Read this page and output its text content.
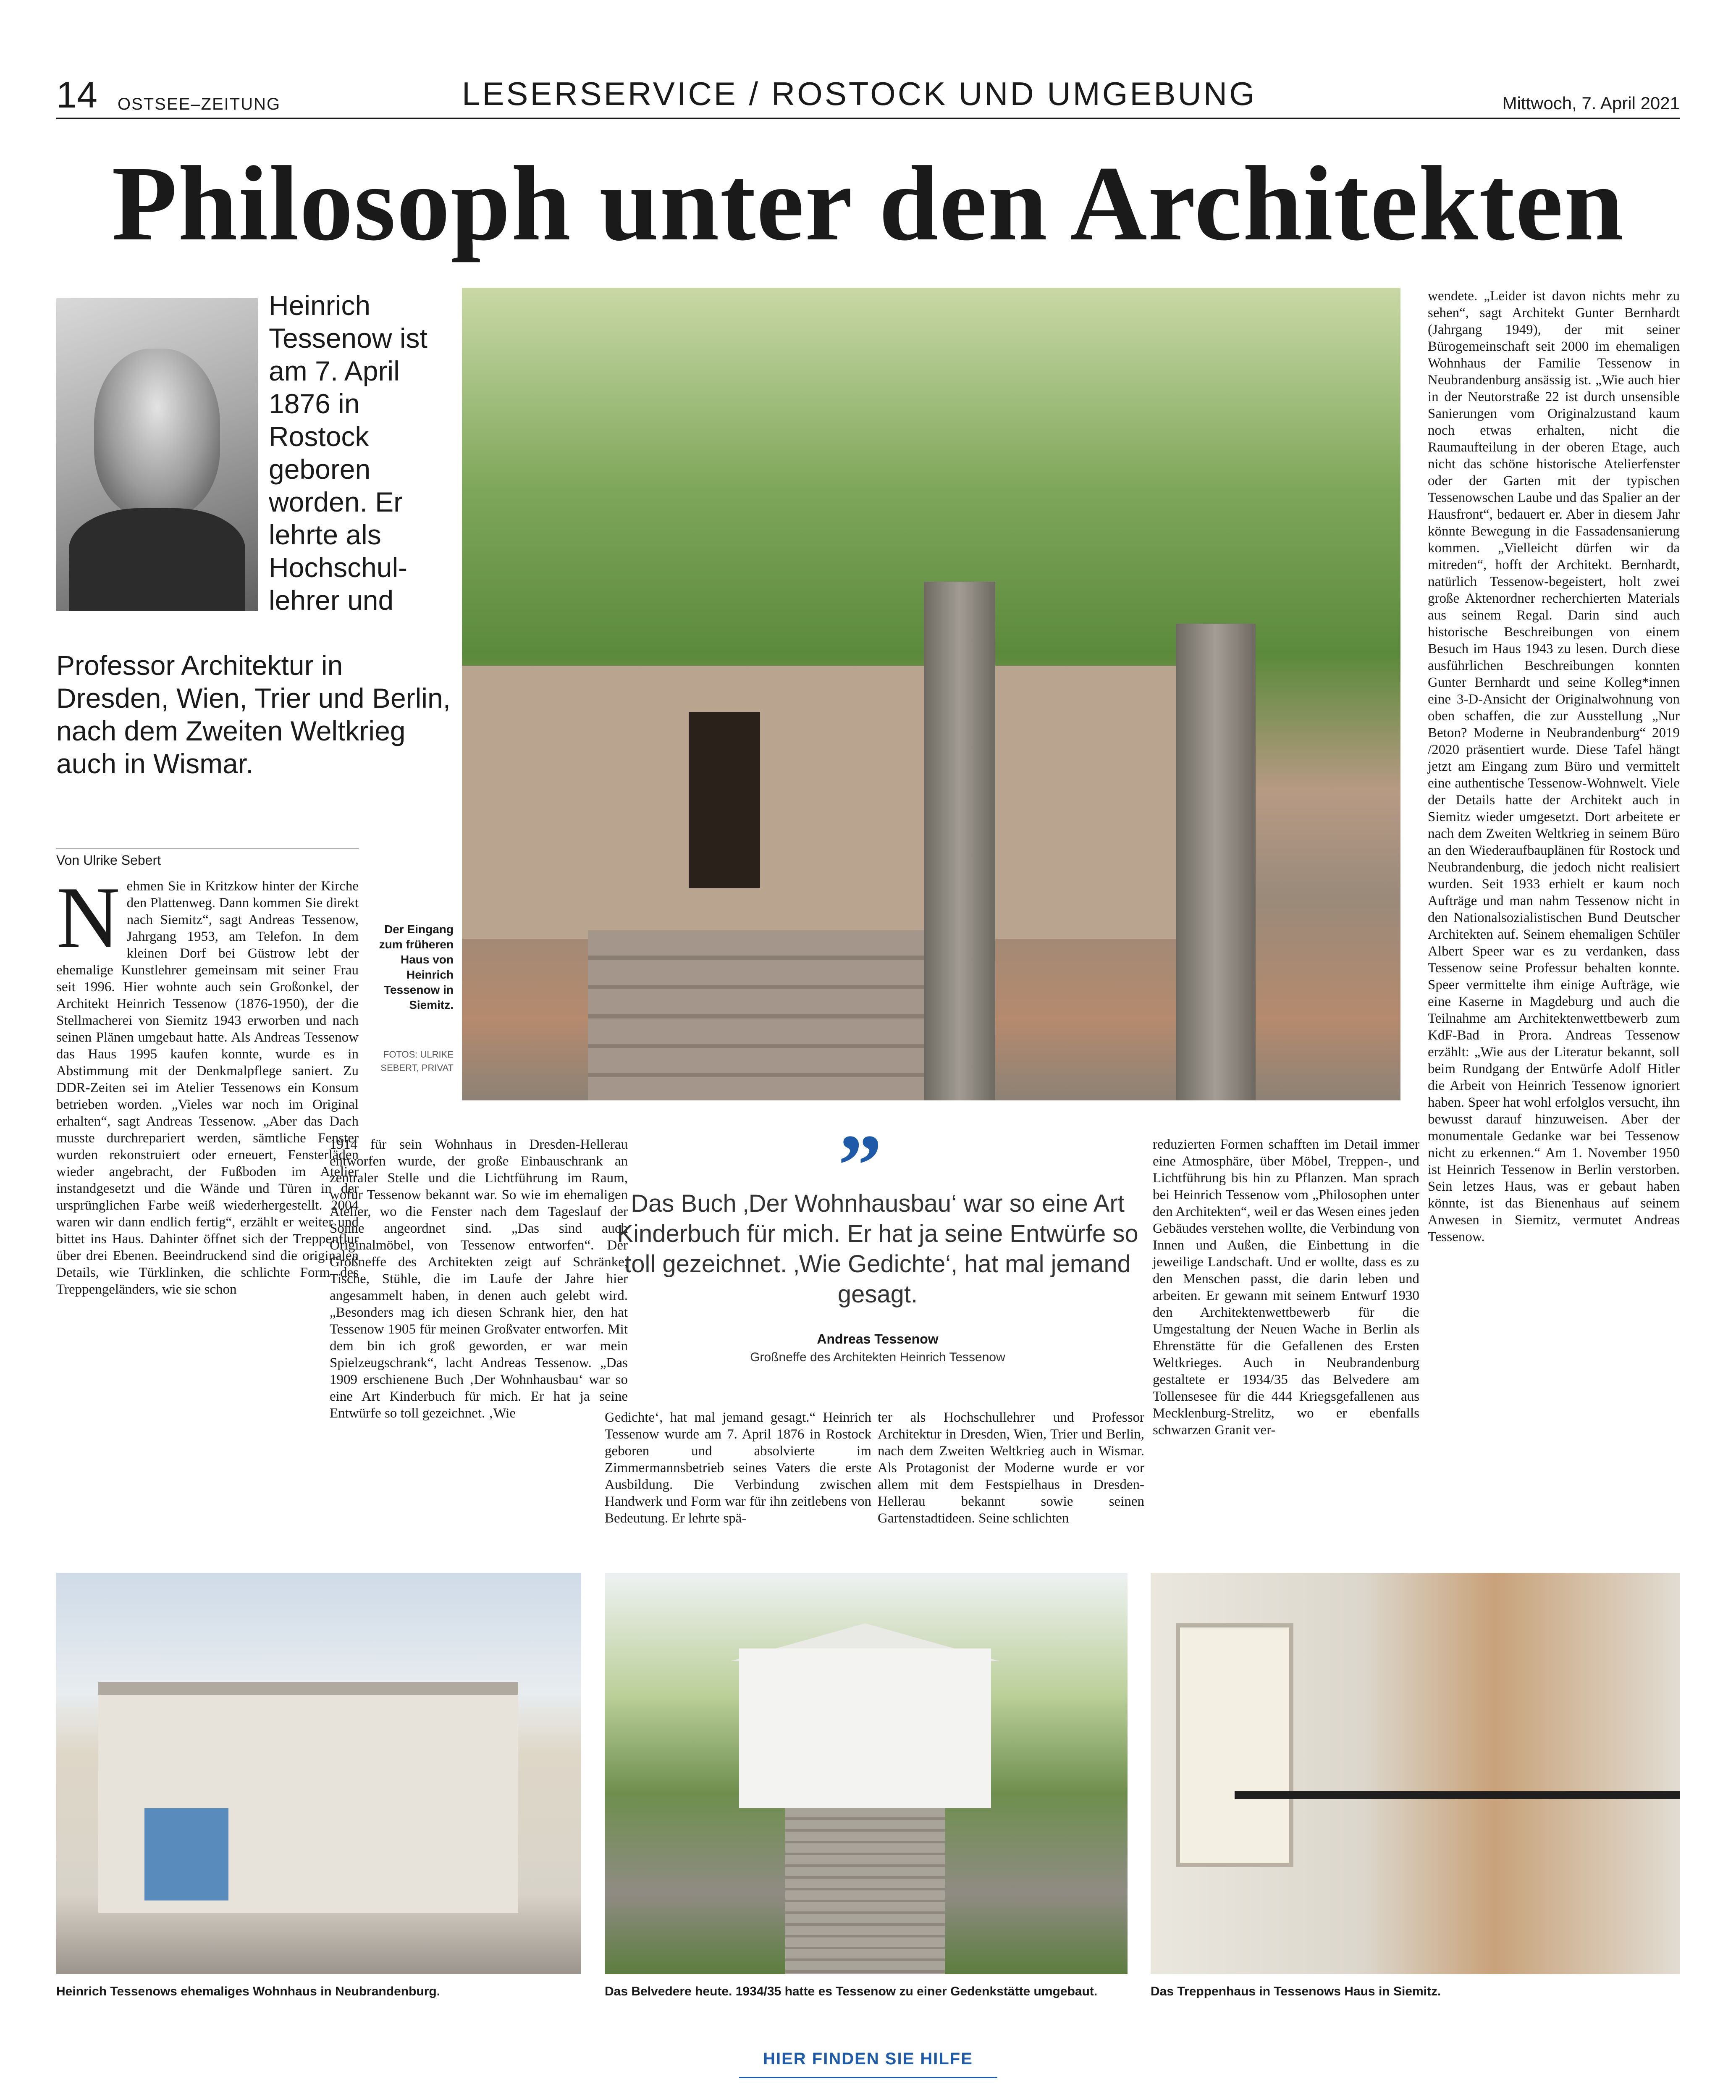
14 OSTSEE–ZEITUNG	LESERSERVICE / ROSTOCK UND UMGEBUNG	Mittwoch, 7. April 2021
Philosoph unter den Architekten
Heinrich Tessenow ist am 7. April 1876 in Rostock geboren worden. Er lehrte als Hochschul-lehrer und
Professor Architektur in Dresden, Wien, Trier und Berlin, nach dem Zweiten Weltkrieg auch in Wismar.
Der Eingang zum früheren Haus von Heinrich Tessenow in Siemitz.
FOTOS: ULRIKE SEBERT, PRIVAT
Von Ulrike Sebert
N ehmen Sie in Kritzkow hinter der Kirche den Plattenweg. Dann kommen Sie direkt nach Siemitz“, sagt Andreas Tessenow, Jahrgang 1953, am Telefon. In dem kleinen Dorf bei Güstrow lebt der ehemalige Kunstlehrer gemeinsam mit seiner Frau seit 1996. Hier wohnte auch sein Großonkel, der Architekt Heinrich Tessenow (1876-1950), der die Stellmacherei von Siemitz 1943 erworben und nach seinen Plänen umgebaut hatte. Als Andreas Tessenow das Haus 1995 kaufen konnte, wurde es in Abstimmung mit der Denkmalpflege saniert. Zu DDR-Zeiten sei im Atelier Tessenows ein Konsum betrieben worden. „Vieles war noch im Original erhalten“, sagt Andreas Tessenow. „Aber das Dach musste durchrepariert werden, sämtliche Fenster wurden rekonstruiert oder erneuert, Fensterläden wieder angebracht, der Fußboden im Atelier instandgesetzt und die Wände und Türen in der ursprünglichen Farbe weiß wiederhergestellt. 2004 waren wir dann endlich fertig“, erzählt er weiter und bittet ins Haus. Dahinter öffnet sich der Treppenflur über drei Ebenen. Beeindruckend sind die originalen Details, wie Türklinken, die schlichte Form des Treppengeländers, wie sie schon
1914 für sein Wohnhaus in Dresden-Hellerau entworfen wurde, der große Einbauschrank an zentraler Stelle und die Lichtführung im Raum, wofür Tessenow bekannt war. So wie im ehemaligen Atelier, wo die Fenster nach dem Tageslauf der Sonne angeordnet sind. „Das sind auch Originalmöbel, von Tessenow entworfen“. Der Großneffe des Architekten zeigt auf Schränke, Tische, Stühle, die im Laufe der Jahre hier angesammelt haben, in denen auch gelebt wird. „Besonders mag ich diesen Schrank hier, den hat Tessenow 1905 für meinen Großvater entworfen. Mit dem bin ich groß geworden, er war mein Spielzeugschrank“, lacht Andreas Tessenow. „Das 1909 erschienene Buch ‚Der Wohnhausbau‘ war so eine Art Kinderbuch für mich. Er hat ja seine Entwürfe so toll gezeichnet. ‚Wie	Gedichte‘, hat mal jemand gesagt.“ Heinrich Tessenow wurde am 7. April 1876 in Rostock geboren und absolvierte im Zimmermannsbetrieb seines Vaters die erste Ausbildung. Die Verbindung zwischen Handwerk und Form war für ihn zeitlebens von Bedeutung. Er lehrte spä-
ter als Hochschullehrer und Professor Architektur in Dresden, Wien, Trier und Berlin, nach dem Zweiten Weltkrieg auch in Wismar. Als Protagonist der Moderne wurde er vor allem mit dem Festspielhaus in Dresden-Hellerau bekannt sowie seinen Gartenstadtideen. Seine schlichten
reduzierten Formen schafften im Detail immer eine Atmosphäre, über Möbel, Treppen-, und Lichtführung bis hin zu Pflanzen. Man sprach bei Heinrich Tessenow vom „Philosophen unter den Architekten“, weil er das Wesen eines jeden Gebäudes verstehen wollte, die Verbindung von Innen und Außen, die Einbettung in die jeweilige Landschaft. Und er wollte, dass es zu den Menschen passt, die darin leben und arbeiten. Er gewann mit seinem Entwurf 1930 den Architektenwettbewerb für die Umgestaltung der Neuen Wache in Berlin als Ehrenstätte für die Gefallenen des Ersten Weltkrieges. Auch in Neubrandenburg gestaltete er 1934/35 das Belvedere am Tollensesee für die 444 Kriegsgefallenen aus Mecklenburg-Strelitz, wo er ebenfalls schwarzen Granit ver-
wendete. „Leider ist davon nichts mehr zu sehen“, sagt Architekt Gunter Bernhardt (Jahrgang 1949), der mit seiner Bürogemeinschaft seit 2000 im ehemaligen Wohnhaus der Familie Tessenow in Neubrandenburg ansässig ist. „Wie auch hier in der Neutorstraße 22 ist durch unsensible Sanierungen vom Originalzustand kaum noch etwas erhalten, nicht die Raumaufteilung in der oberen Etage, auch nicht das schöne historische Atelierfenster oder der Garten mit der typischen Tessenowschen Laube und das Spalier an der Hausfront“, bedauert er. Aber in diesem Jahr könnte Bewegung in die Fassadensanierung kommen. „Vielleicht dürfen wir da mitreden“, hofft der Architekt. Bernhardt, natürlich Tessenow-begeistert, holt zwei große Aktenordner recherchierten Materials aus seinem Regal. Darin sind auch historische Beschreibungen von einem Besuch im Haus 1943 zu lesen. Durch diese ausführlichen Beschreibungen konnten Gunter Bernhardt und seine Kolleg*innen eine 3-D-Ansicht der Originalwohnung von oben schaffen, die zur Ausstellung „Nur Beton? Moderne in Neubrandenburg“ 2019 /2020 präsentiert wurde. Diese Tafel hängt jetzt am Eingang zum Büro und vermittelt eine authentische Tessenow-Wohnwelt. Viele der Details hatte der Architekt auch in Siemitz wieder umgesetzt. Dort arbeitete er nach dem Zweiten Weltkrieg in seinem Büro an den Wiederaufbauplänen für Rostock und Neubrandenburg, die jedoch nicht realisiert wurden. Seit 1933 erhielt er kaum noch Aufträge und man nahm Tessenow nicht in den Nationalsozialistischen Bund Deutscher Architekten auf. Seinem ehemaligen Schüler Albert Speer war es zu verdanken, dass Tessenow seine Professur behalten konnte. Speer vermittelte ihm einige Aufträge, wie eine Kaserne in Magdeburg und auch die Teilnahme am Architektenwettbewerb zum KdF-Bad in Prora. Andreas Tessenow erzählt: „Wie aus der Literatur bekannt, soll beim Rundgang der Entwürfe Adolf Hitler die Arbeit von Heinrich Tessenow ignoriert haben. Speer hat wohl erfolglos versucht, ihn bewusst darauf hinzuweisen. Aber der monumentale Gedanke war bei Tessenow nicht zu erkennen.“ Am 1. November 1950 ist Heinrich Tessenow in Berlin verstorben. Sein letzes Haus, was er gebaut haben könnte, ist das Bienenhaus auf seinem Anwesen in Siemitz, vermutet Andreas Tessenow.
”
Das Buch ‚Der Wohnhausbau‘ war so eine Art Kinderbuch für mich. Er hat ja seine Entwürfe so toll gezeichnet. ‚Wie Gedichte‘, hat mal jemand gesagt.
Andreas Tessenow
Großneffe des Architekten Heinrich Tessenow
Heinrich Tessenows ehemaliges Wohnhaus in Neubrandenburg.	Das Belvedere heute. 1934/35 hatte es Tessenow zu einer Gedenkstätte umgebaut.	Das Treppenhaus in Tessenows Haus in Siemitz.
HIER FINDEN SIE HILFE
